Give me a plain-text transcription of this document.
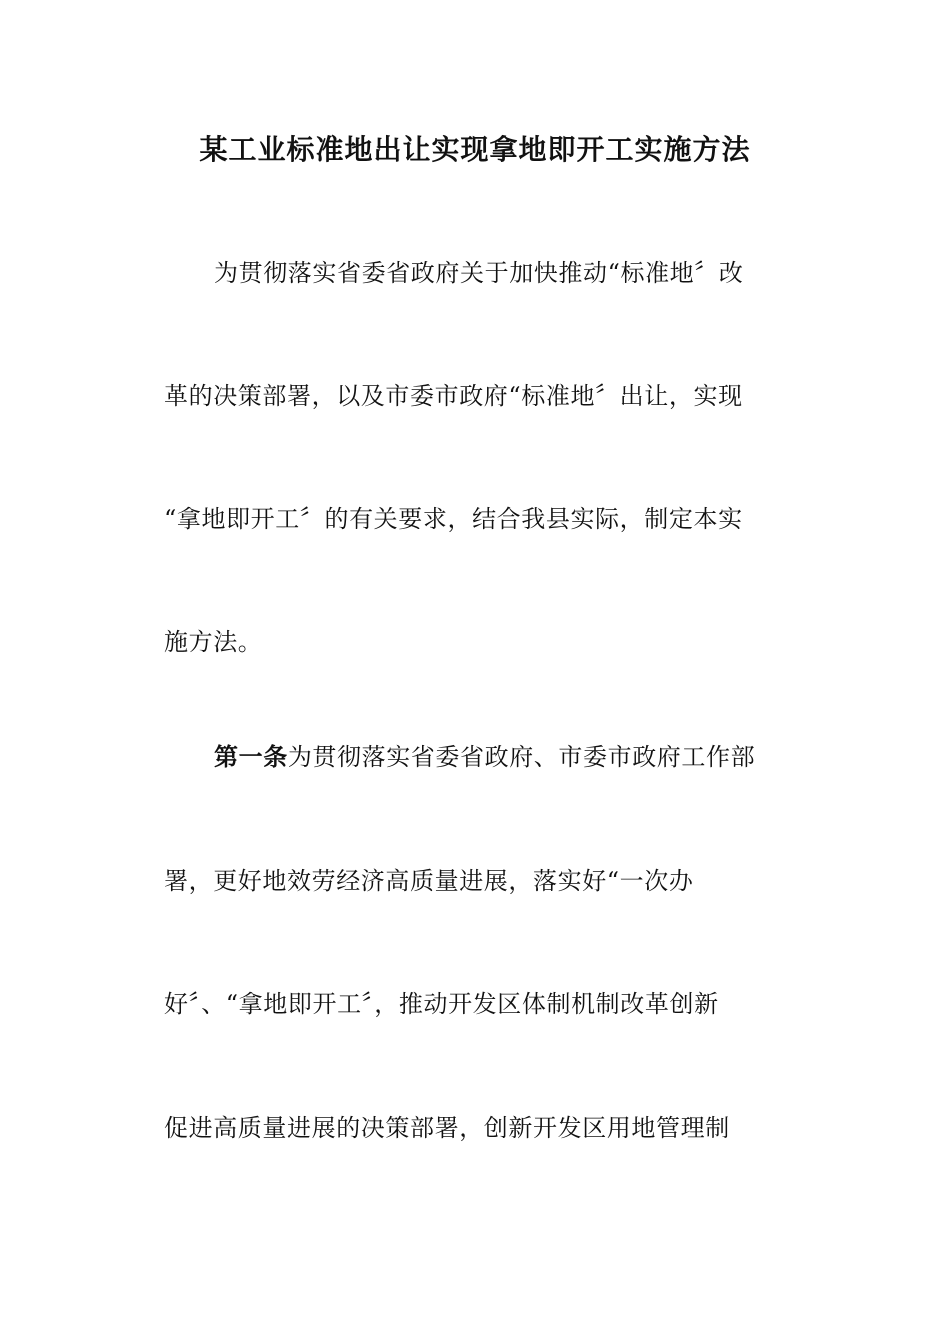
某工业标准地出让实现拿地即开工实施方法
为贯彻落实省委省政府关于加快推动“标准地〞改
革的决策部署，以及市委市政府“标准地〞出让，实现
“拿地即开工〞的有关要求，结合我县实际，制定本实
施方法。
第一条为贯彻落实省委省政府、市委市政府工作部
署，更好地效劳经济高质量进展，落实好“一次办
好〞、“拿地即开工〞，推动开发区体制机制改革创新
促进高质量进展的决策部署，创新开发区用地管理制
